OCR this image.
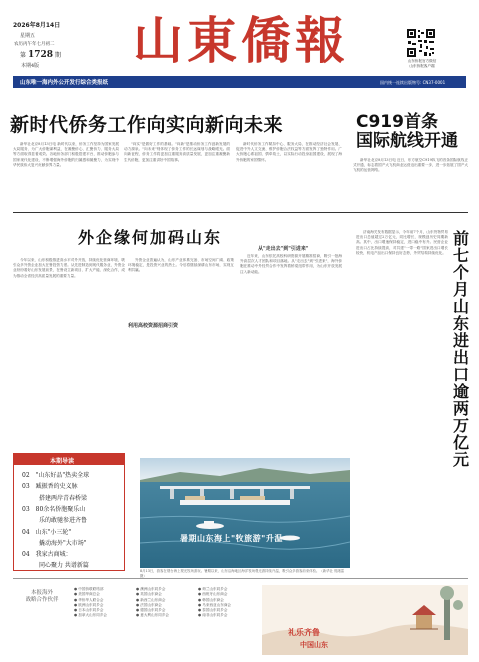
2026年8月14日
星期五
农历丙午年七月初二
第 1728 期
本期4版 山東僑報	山东侨报官方微信
山东侨报客户端
山东唯一海内外公开发行综合类报纸	国内统一连续出版物号: CN37-0001
新时代侨务工作向实向新向未来	C919首条
国际航线开通

新华社北京8月13日电 新时代以来，侨务工作坚持为国家发展大局服务、为广大侨胞谋利益，在凝聚侨心、汇聚侨力、服务大局等方面取得显著成效。各地侨务部门积极搭建平台，推动侨胞参与国家现代化建设，不断增强海外侨胞的归属感和凝聚力，为实现中华民族伟大复兴贡献侨界力量。

"向实"是做好工作的基础。"向新"是推动侨务工作创新发展的动力源泉。"向未来"则体现了侨务工作的长远谋划与战略眼光。面向新征程，侨务工作将更加注重服务高质量发展，更加注重凝聚新生代侨胞，更加注重讲好中国故事。

新时代侨务工作紧扣中心、服务大局，在推动经济社会发展、促进中外人文交流、维护侨胞合法权益等方面发挥了独特作用。广大侨胞心系祖国、情牵故土，以实际行动投身祖国建设，展现了海外侨胞的家国情怀。	新华社北京8月13日电 近日，东方航空C919执飞的首条国际航线正式开通，标志着国产大飞机商业运营迈出重要一步，进一步拓展了国产大飞机的运营网络。

外企缘何加码山东

今年以来，山东积极推进高水平对外开放，持续优化营商环境，吸引众多外资企业加大在鲁投资力度。从先进制造到现代服务业，外资企业纷纷看好山东发展前景，在鲁设立新项目、扩大产能、深化合作，成为推动全省经济高质量发展的重要力量。

外资企业普遍认为，山东产业体系完备、市场空间广阔、政策环境稳定，是投资兴业的热土。今后将继续深耕山东市场，实现互利共赢。

利用高校资源招商引资
从"走出去"到"引进来"

近年来，山东依托高校科研资源开展精准招商，吸引一批海外高层次人才团队和项目落地。从"走出去"到"引进来"，海外侨胞在推动中外经贸合作中发挥着桥梁纽带作用，为山东开放发展注入新动能。

济南海关发布数据显示，今年前7个月，山东货物贸易进出口总值超过2万亿元，同比增长，规模创历史同期新高。其中，出口增速保持稳定，进口稳中有升。民营企业进出口占比持续提高，对共建"一带一路"国家进出口增长较快，机电产品出口保持良好态势，外贸结构持续优化。

前七个月山东进出口逾两万亿元
本期导读
02 "山东好品"热卖全球
03 臧振香的史义脉
搭建两岸青春桥梁
03 80余名侨胞聚乐山
乐的敢驰参进齐鲁
04 山东"小三轮"
撬动海外"大市场"
04 我家古商城：
同心聚力 共谱新篇
暑期山东海上"牧旅游"升温
8月13日，游客在烟台海上观光牧场游玩。暑期以来，山东沿海地区海洋牧场观光游持续升温，吸引众多游客前来体验。（新华社 郭绪雷 摄）
本报海外
战略合作伙伴
● 中国侨联联络部
● 美国华商总会
● 华侨华人联合会
● 欧洲山东同乡会
● 日本山东同乡会
● 加拿大山东同乡会
● 澳洲山东同乡会
● 英国山东商会
● 新西兰山东商会
● 法国山东商会
● 德国山东同乡会
● 意大利山东同乡会
● 荷兰山东同乡会
● 西班牙山东商会
● 韩国山东商会
● 马来西亚山东商会
● 泰国山东同乡会
● 南非山东同乡会
礼乐齐鲁
中国山东
